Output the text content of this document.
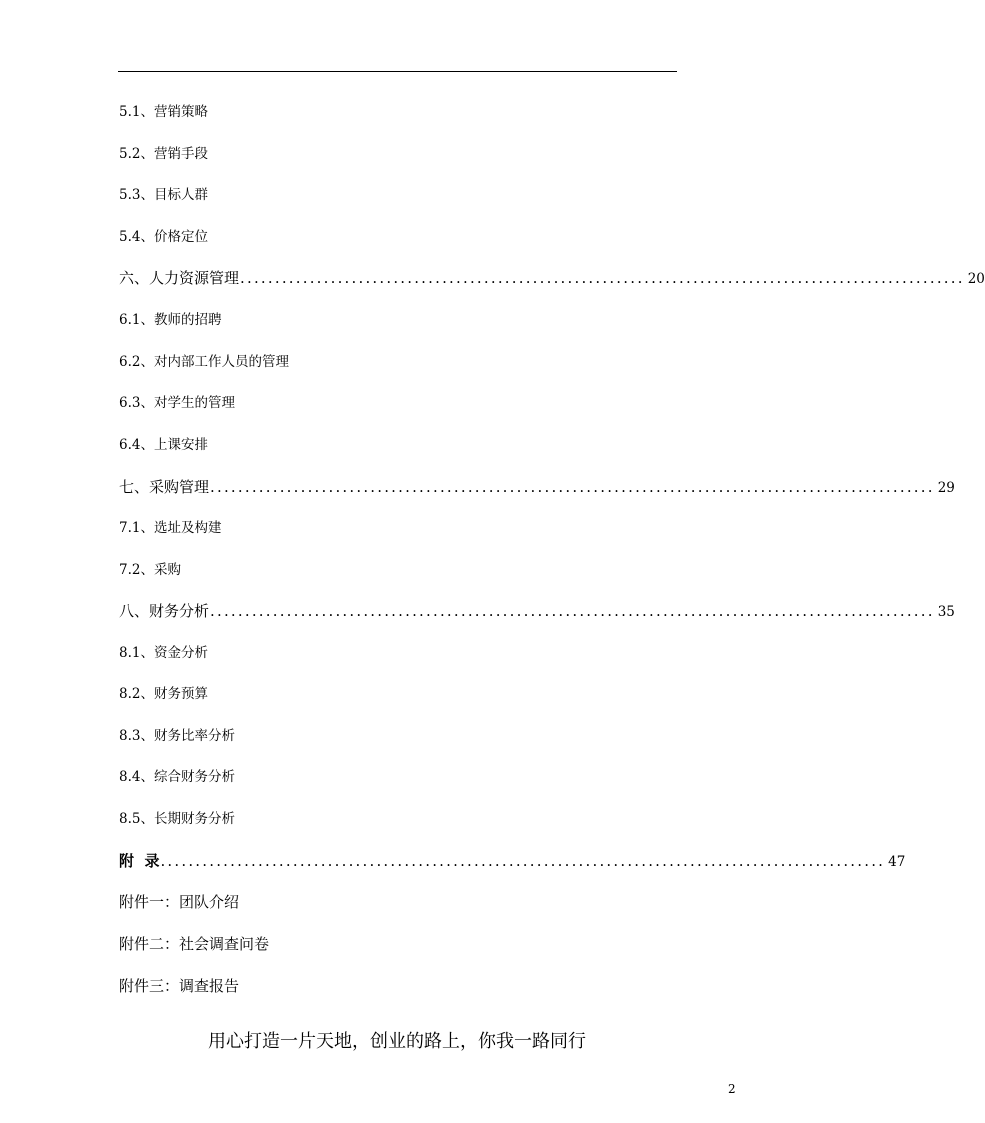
5.1、营销策略
5.2、营销手段
5.3、目标人群
5.4、价格定位
六、人力资源管理 ........................................................................................................ 20
6.1、教师的招聘
6.2、对内部工作人员的管理
6.3、对学生的管理
6.4、上课安排
七、采购管理 ........................................................................................................ 29
7.1、选址及构建
7.2、采购
八、财务分析 ........................................................................................................ 35
8.1、资金分析
8.2、财务预算
8.3、财务比率分析
8.4、综合财务分析
8.5、长期财务分析
附  录 ........................................................................................................ 47
附件一：团队介绍
附件二：社会调查问卷
附件三：调查报告
用心打造一片天地，创业的路上，你我一路同行
2
